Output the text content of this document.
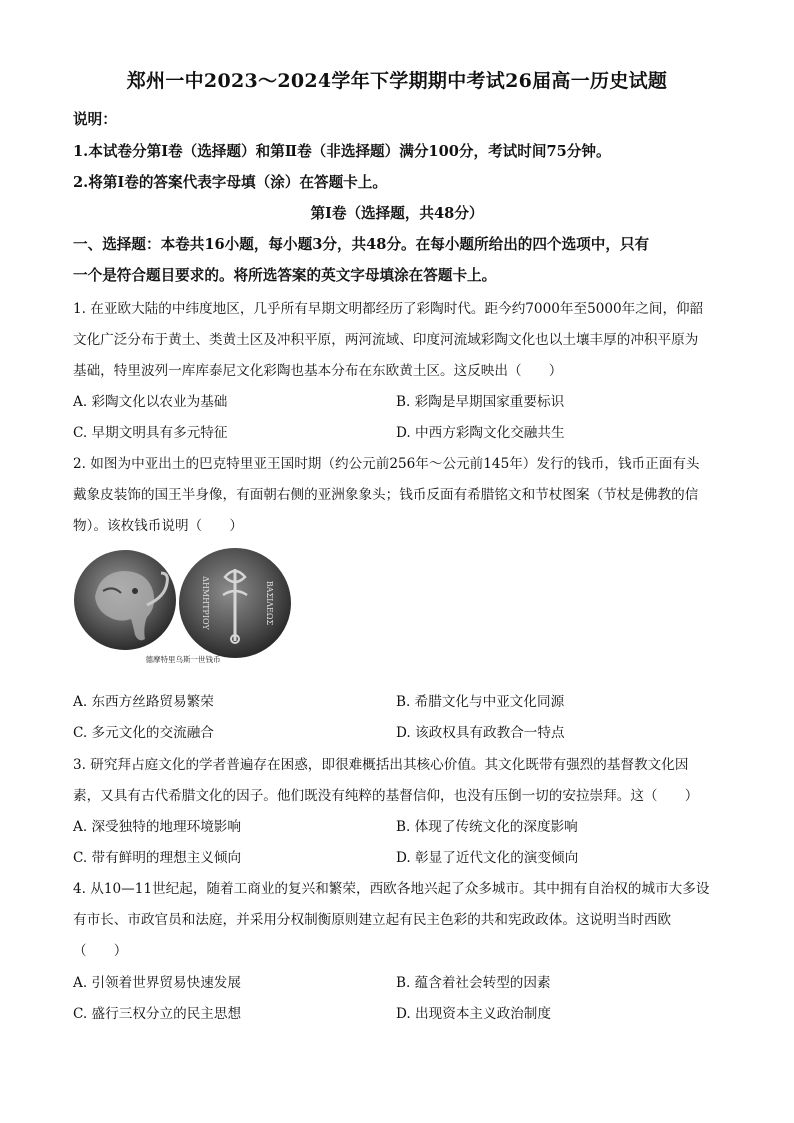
郑州一中2023～2024学年下学期期中考试26届高一历史试题
说明：
1.本试卷分第Ⅰ卷（选择题）和第Ⅱ卷（非选择题）满分100分，考试时间75分钟。
2.将第Ⅰ卷的答案代表字母填（涂）在答题卡上。
第Ⅰ卷（选择题，共48分）
一、选择题：本卷共16小题，每小题3分，共48分。在每小题所给出的四个选项中，只有
一个是符合题目要求的。将所选答案的英文字母填涂在答题卡上。
1. 在亚欧大陆的中纬度地区，几乎所有早期文明都经历了彩陶时代。距今约7000年至5000年之间，仰韶
文化广泛分布于黄土、类黄土区及冲积平原，两河流域、印度河流域彩陶文化也以土壤丰厚的冲积平原为
基础，特里波列一库库泰尼文化彩陶也基本分布在东欧黄土区。这反映出（　　）
A. 彩陶文化以农业为基础	B. 彩陶是早期国家重要标识
C. 早期文明具有多元特征	D. 中西方彩陶文化交融共生
2. 如图为中亚出土的巴克特里亚王国时期（约公元前256年～公元前145年）发行的钱币，钱币正面有头
戴象皮装饰的国王半身像，有面朝右侧的亚洲象象头；钱币反面有希腊铭文和节杖图案（节杖是佛教的信
物）。该枚钱币说明（　　）
ΔΗΜΗΤΡΙΟΥ	ΒΑΣΙΛΕΩΣ
德摩特里乌斯一世钱币
A. 东西方丝路贸易繁荣	B. 希腊文化与中亚文化同源
C. 多元文化的交流融合	D. 该政权具有政教合一特点
3. 研究拜占庭文化的学者普遍存在困惑，即很难概括出其核心价值。其文化既带有强烈的基督教文化因
素，又具有古代希腊文化的因子。他们既没有纯粹的基督信仰，也没有压倒一切的安拉崇拜。这（　　）
A. 深受独特的地理环境影响	B. 体现了传统文化的深度影响
C. 带有鲜明的理想主义倾向	D. 彰显了近代文化的演变倾向
4. 从10—11世纪起，随着工商业的复兴和繁荣，西欧各地兴起了众多城市。其中拥有自治权的城市大多设
有市长、市政官员和法庭，并采用分权制衡原则建立起有民主色彩的共和宪政政体。这说明当时西欧
（　　）
A. 引领着世界贸易快速发展	B. 蕴含着社会转型的因素
C. 盛行三权分立的民主思想	D. 出现资本主义政治制度
